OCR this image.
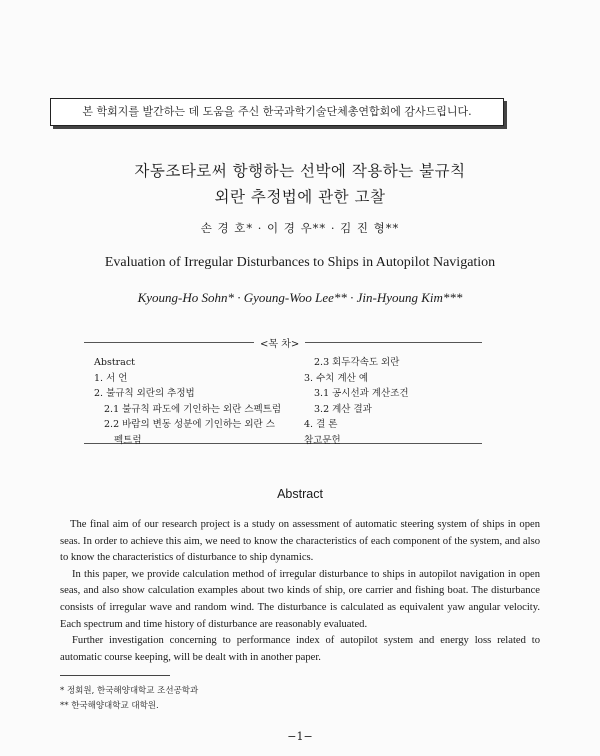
본 학회지를 발간하는 데 도움을 주신 한국과학기술단체총연합회에 감사드립니다.
자동조타로써 항행하는 선박에 작용하는 불규칙
외란 추정법에 관한 고찰
손 경 호* · 이 경 우** · 김 진 형**
Evaluation of Irregular Disturbances to Ships in Autopilot Navigation
Kyoung-Ho Sohn* · Gyoung-Woo Lee** · Jin-Hyoung Kim***
<목 차>
Abstract
1. 서 언
2. 불규칙 외란의 추정법
2.1 불규칙 파도에 기인하는 외란 스펙트럼
2.2 바람의 변동 성분에 기인하는 외란 스
펙트럼
2.3 회두각속도 외란
3. 수치 계산 예
3.1 공시선과 계산조건
3.2 계산 결과
4. 결 론
참고문헌
Abstract

The final aim of our research project is a study on assessment of automatic steering system of ships in open seas. In order to achieve this aim, we need to know the characteristics of each component of the system, and also to know the characteristics of disturbance to ship dynamics.

In this paper, we provide calculation method of irregular disturbance to ships in autopilot navigation in open seas, and also show calculation examples about two kinds of ship, ore carrier and fishing boat. The disturbance consists of irregular wave and random wind. The disturbance is calculated as equivalent yaw angular velocity. Each spectrum and time history of disturbance are reasonably evaluated.

Further investigation concerning to performance index of autopilot system and energy loss related to automatic course keeping, will be dealt with in another paper.

* 정회원, 한국해양대학교 조선공학과
** 한국해양대학교 대학원.
−1−
